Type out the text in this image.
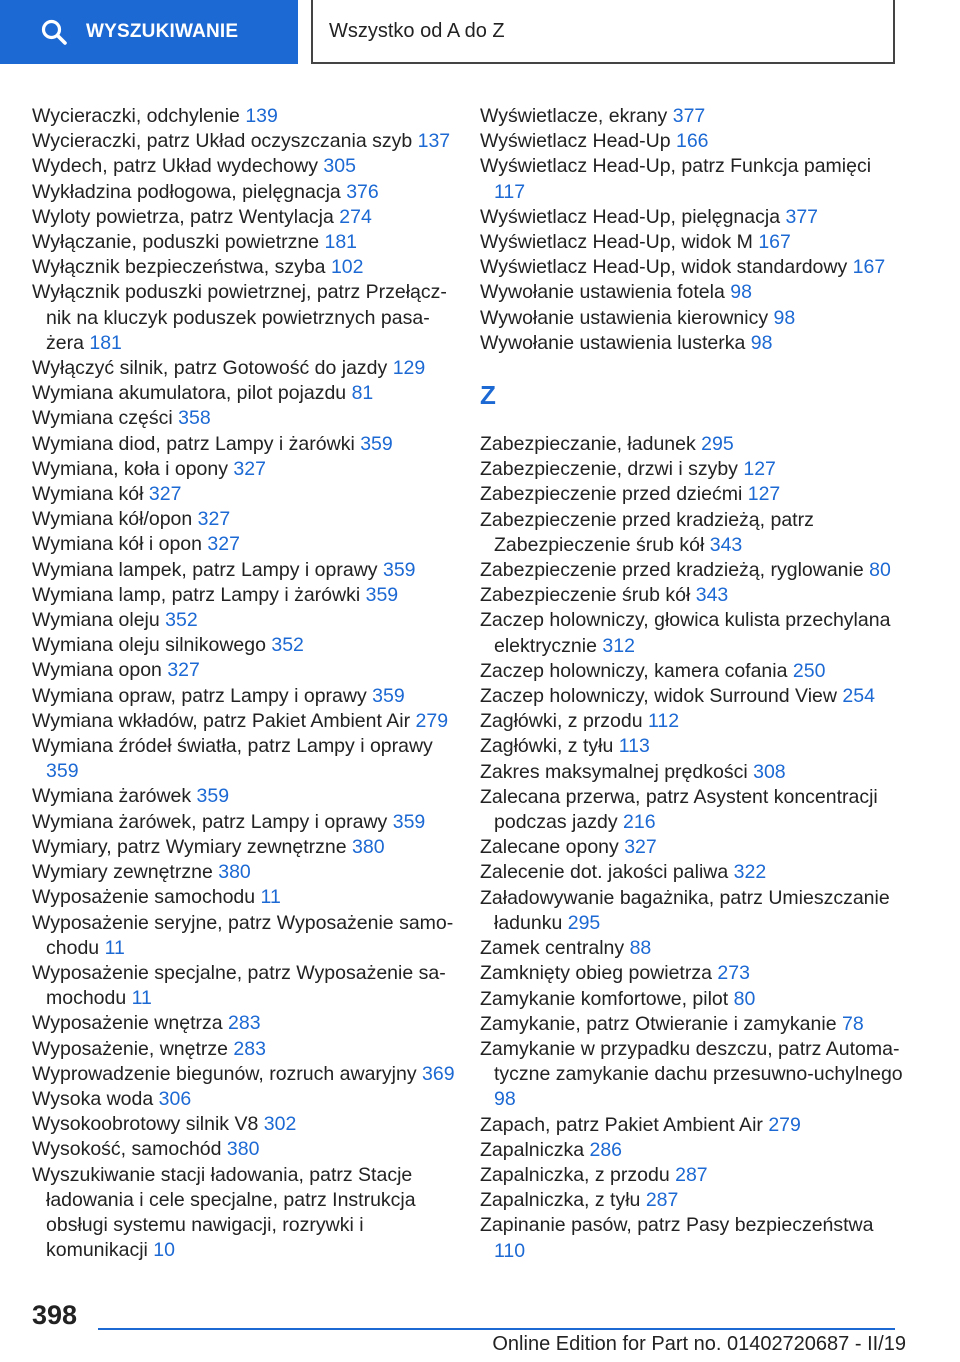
WYSZUKIWANIE	Wszystko od A do Z
Wycieraczki, odchylenie 139
Wycieraczki, patrz Układ oczyszczania szyb 137
Wydech, patrz Układ wydechowy 305
Wykładzina podłogowa, pielęgnacja 376
Wyloty powietrza, patrz Wentylacja 274
Wyłączanie, poduszki powietrzne 181
Wyłącznik bezpieczeństwa, szyba 102
Wyłącznik poduszki powietrznej, patrz Przełącznik na kluczyk poduszek powietrznych pasażera 181
Wyłączyć silnik, patrz Gotowość do jazdy 129
Wymiana akumulatora, pilot pojazdu 81
Wymiana części 358
Wymiana diod, patrz Lampy i żarówki 359
Wymiana, koła i opony 327
Wymiana kół 327
Wymiana kół/opon 327
Wymiana kół i opon 327
Wymiana lampek, patrz Lampy i oprawy 359
Wymiana lamp, patrz Lampy i żarówki 359
Wymiana oleju 352
Wymiana oleju silnikowego 352
Wymiana opon 327
Wymiana opraw, patrz Lampy i oprawy 359
Wymiana wkładów, patrz Pakiet Ambient Air 279
Wymiana źródeł światła, patrz Lampy i oprawy 359
Wymiana żarówek 359
Wymiana żarówek, patrz Lampy i oprawy 359
Wymiary, patrz Wymiary zewnętrzne 380
Wymiary zewnętrzne 380
Wyposażenie samochodu 11
Wyposażenie seryjne, patrz Wyposażenie samochodu 11
Wyposażenie specjalne, patrz Wyposażenie samochodu 11
Wyposażenie wnętrza 283
Wyposażenie, wnętrze 283
Wyprowadzenie biegunów, rozruch awaryjny 369
Wysoka woda 306
Wysokoobrotowy silnik V8 302
Wysokość, samochód 380
Wyszukiwanie stacji ładowania, patrz Stacje ładowania i cele specjalne, patrz Instrukcja obsługi systemu nawigacji, rozrywki i komunikacji 10
Wyświetlacze, ekrany 377
Wyświetlacz Head-Up 166
Wyświetlacz Head-Up, patrz Funkcja pamięci 117
Wyświetlacz Head-Up, pielęgnacja 377
Wyświetlacz Head-Up, widok M 167
Wyświetlacz Head-Up, widok standardowy 167
Wywołanie ustawienia fotela 98
Wywołanie ustawienia kierownicy 98
Wywołanie ustawienia lusterka 98
Z
Zabezpieczanie, ładunek 295
Zabezpieczenie, drzwi i szyby 127
Zabezpieczenie przed dziećmi 127
Zabezpieczenie przed kradzieżą, patrz Zabezpieczenie śrub kół 343
Zabezpieczenie przed kradzieżą, ryglowanie 80
Zabezpieczenie śrub kół 343
Zaczep holowniczy, głowica kulista przechylana elektrycznie 312
Zaczep holowniczy, kamera cofania 250
Zaczep holowniczy, widok Surround View 254
Zagłówki, z przodu 112
Zagłówki, z tyłu 113
Zakres maksymalnej prędkości 308
Zalecana przerwa, patrz Asystent koncentracji podczas jazdy 216
Zalecane opony 327
Zalecenie dot. jakości paliwa 322
Załadowywanie bagażnika, patrz Umieszczanie ładunku 295
Zamek centralny 88
Zamknięty obieg powietrza 273
Zamykanie komfortowe, pilot 80
Zamykanie, patrz Otwieranie i zamykanie 78
Zamykanie w przypadku deszczu, patrz Automatyczne zamykanie dachu przesuwno-uchylnego 98
Zapach, patrz Pakiet Ambient Air 279
Zapalniczka 286
Zapalniczka, z przodu 287
Zapalniczka, z tyłu 287
Zapinanie pasów, patrz Pasy bezpieczeństwa 110
398
Online Edition for Part no. 01402720687 - II/19
